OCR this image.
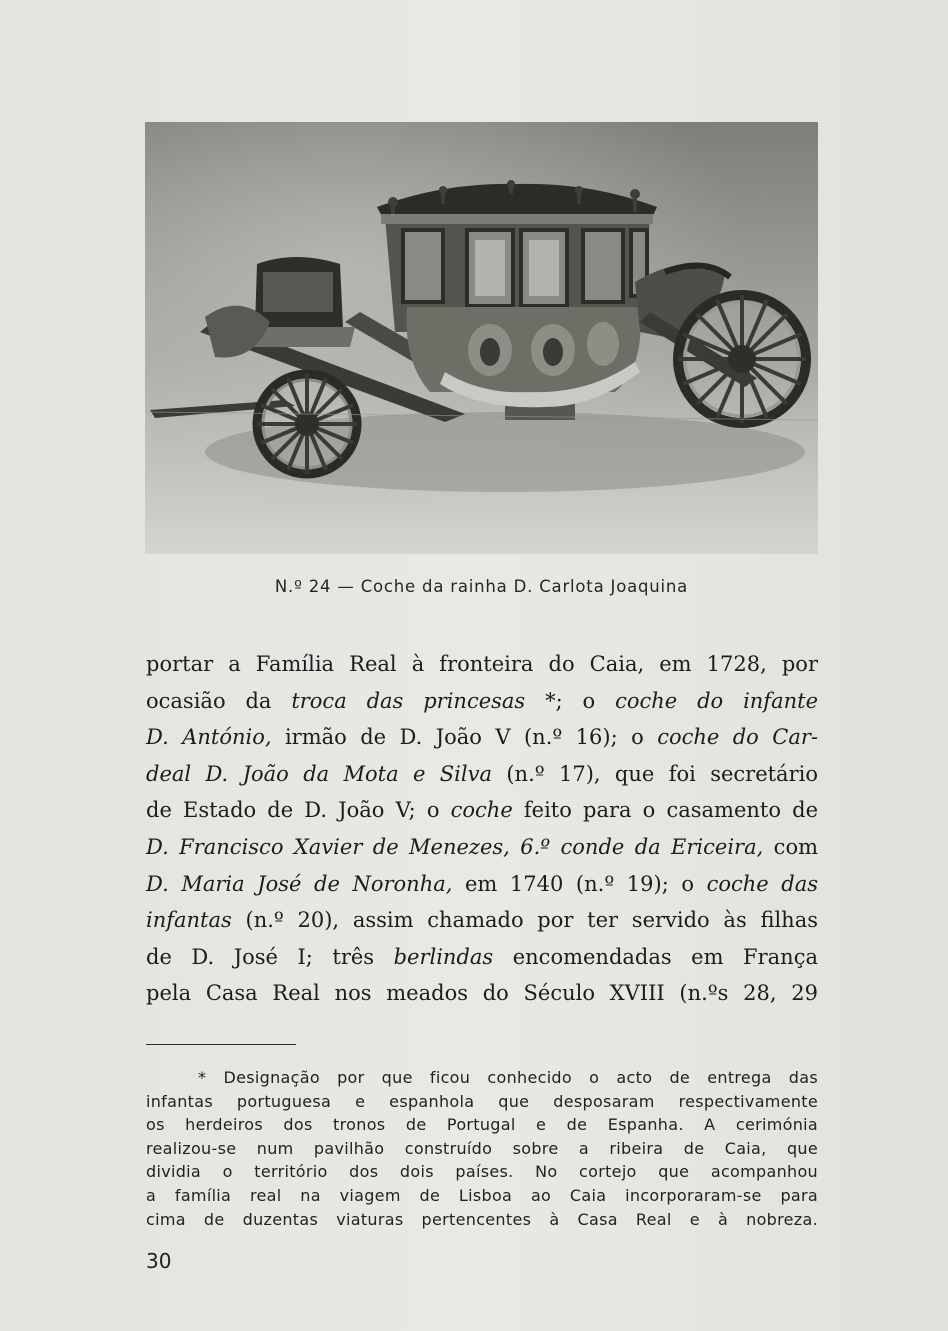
N.º 24 — Coche da rainha D. Carlota Joaquina
portar a Família Real à fronteira do Caia, em 1728, por
ocasião da troca das princesas *; o coche do infante
D. António, irmão de D. João V (n.º 16); o coche do Car-
deal D. João da Mota e Silva (n.º 17), que foi secretário
de Estado de D. João V; o coche feito para o casamento de
D. Francisco Xavier de Menezes, 6.º conde da Ericeira, com
D. Maria José de Noronha, em 1740 (n.º 19); o coche das
infantas (n.º 20), assim chamado por ter servido às filhas
de D. José I; três berlindas encomendadas em França
pela Casa Real nos meados do Século XVIII (n.ºs 28, 29
* Designação por que ficou conhecido o acto de entrega das
infantas portuguesa e espanhola que desposaram respectivamente
os herdeiros dos tronos de Portugal e de Espanha. A cerimónia
realizou-se num pavilhão construído sobre a ribeira de Caia, que
dividia o território dos dois países. No cortejo que acompanhou
a família real na viagem de Lisboa ao Caia incorporaram-se para
cima de duzentas viaturas pertencentes à Casa Real e à nobreza.
30
